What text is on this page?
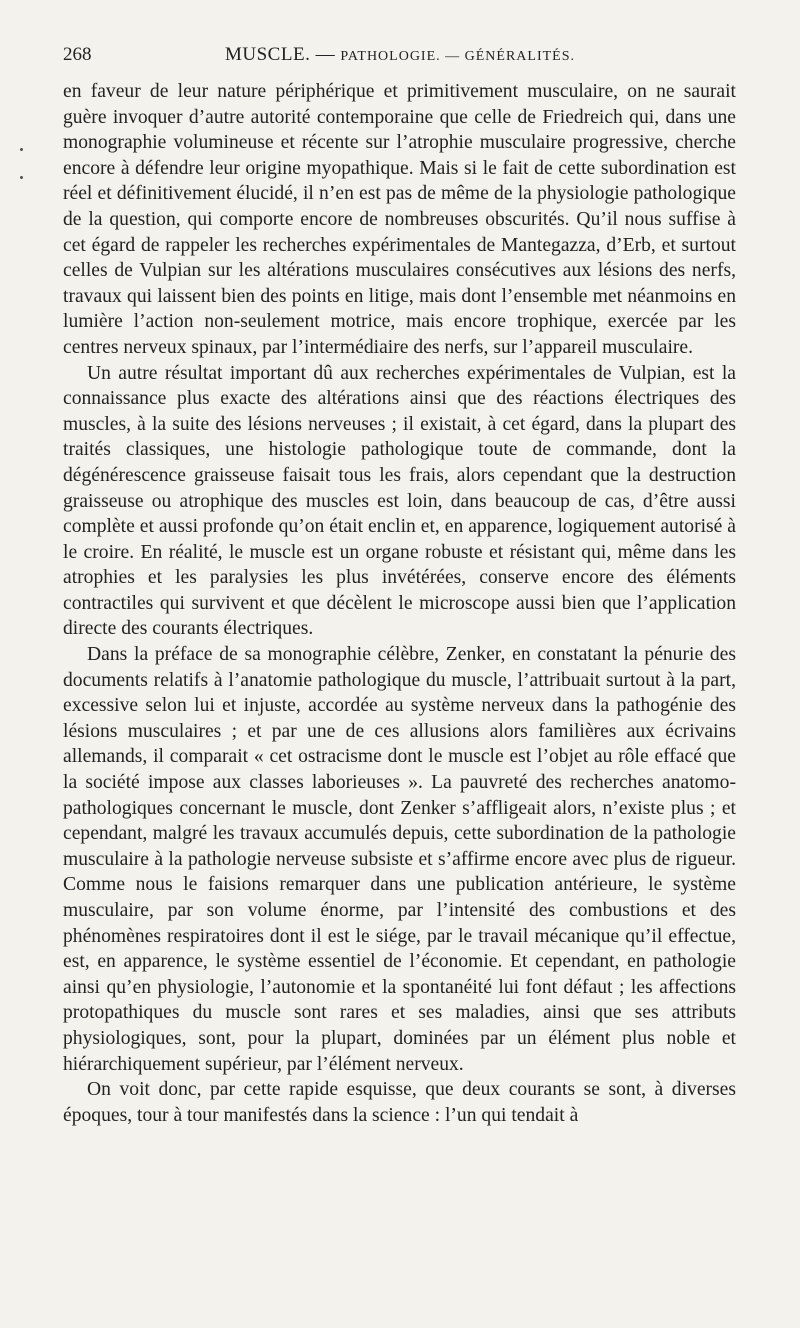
268	MUSCLE. — PATHOLOGIE. — GÉNÉRALITÉS.

en faveur de leur nature périphérique et primitivement musculaire, on ne saurait guère invoquer d’autre autorité contemporaine que celle de Friedreich qui, dans une monographie volumineuse et récente sur l’atrophie musculaire progressive, cherche encore à défendre leur origine myopathique. Mais si le fait de cette subordination est réel et définitivement élucidé, il n’en est pas de même de la physiologie pathologique de la question, qui comporte encore de nombreuses obscurités. Qu’il nous suffise à cet égard de rappeler les recherches expérimentales de Mantegazza, d’Erb, et surtout celles de Vulpian sur les altérations musculaires consécutives aux lésions des nerfs, travaux qui laissent bien des points en litige, mais dont l’ensemble met néanmoins en lumière l’action non-seulement motrice, mais encore trophique, exercée par les centres nerveux spinaux, par l’intermédiaire des nerfs, sur l’appareil musculaire.

Un autre résultat important dû aux recherches expérimentales de Vulpian, est la connaissance plus exacte des altérations ainsi que des réactions électriques des muscles, à la suite des lésions nerveuses ; il existait, à cet égard, dans la plupart des traités classiques, une histologie pathologique toute de commande, dont la dégénérescence graisseuse faisait tous les frais, alors cependant que la destruction graisseuse ou atrophique des muscles est loin, dans beaucoup de cas, d’être aussi complète et aussi profonde qu’on était enclin et, en apparence, logiquement autorisé à le croire. En réalité, le muscle est un organe robuste et résistant qui, même dans les atrophies et les paralysies les plus invétérées, conserve encore des éléments contractiles qui survivent et que décèlent le microscope aussi bien que l’application directe des courants électriques.

Dans la préface de sa monographie célèbre, Zenker, en constatant la pénurie des documents relatifs à l’anatomie pathologique du muscle, l’attribuait surtout à la part, excessive selon lui et injuste, accordée au système nerveux dans la pathogénie des lésions musculaires ; et par une de ces allusions alors familières aux écrivains allemands, il comparait « cet ostracisme dont le muscle est l’objet au rôle effacé que la société impose aux classes laborieuses ». La pauvreté des recherches anatomo-pathologiques concernant le muscle, dont Zenker s’affligeait alors, n’existe plus ; et cependant, malgré les travaux accumulés depuis, cette subordination de la pathologie musculaire à la pathologie nerveuse subsiste et s’affirme encore avec plus de rigueur. Comme nous le faisions remarquer dans une publication antérieure, le système musculaire, par son volume énorme, par l’intensité des combustions et des phénomènes respiratoires dont il est le siége, par le travail mécanique qu’il effectue, est, en apparence, le système essentiel de l’économie. Et cependant, en pathologie ainsi qu’en physiologie, l’autonomie et la spontanéité lui font défaut ; les affections protopathiques du muscle sont rares et ses maladies, ainsi que ses attributs physiologiques, sont, pour la plupart, dominées par un élément plus noble et hiérarchiquement supérieur, par l’élément nerveux.

On voit donc, par cette rapide esquisse, que deux courants se sont, à diverses époques, tour à tour manifestés dans la science : l’un qui tendait à
